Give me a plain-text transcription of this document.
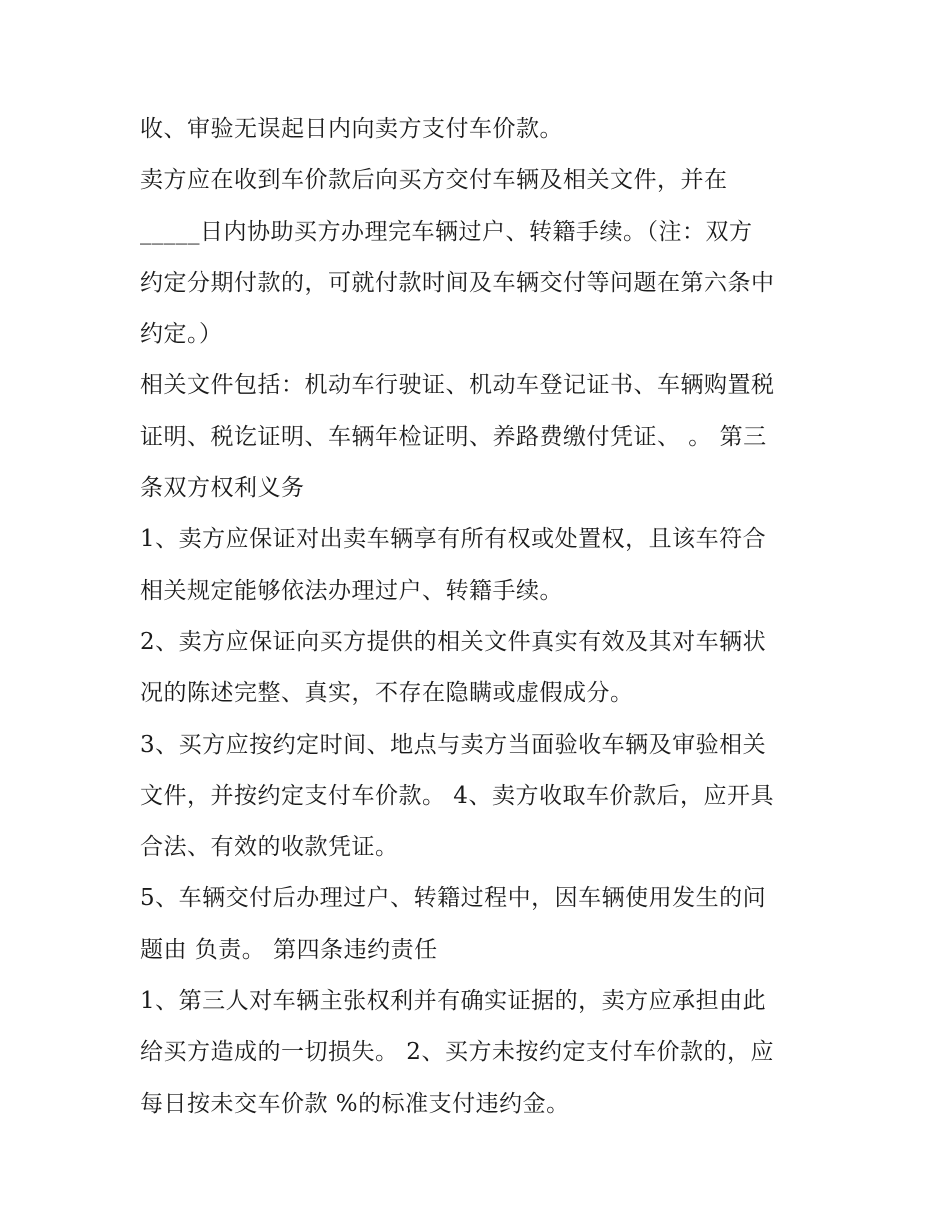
收、审验无误起日内向卖方支付车价款。
卖方应在收到车价款后向买方交付车辆及相关文件，并在
_____日内协助买方办理完车辆过户、转籍手续。（注：双方
约定分期付款的，可就付款时间及车辆交付等问题在第六条中
约定。）
相关文件包括：机动车行驶证、机动车登记证书、车辆购置税
证明、税讫证明、车辆年检证明、养路费缴付凭证、 。 第三
条双方权利义务
1、卖方应保证对出卖车辆享有所有权或处置权，且该车符合
相关规定能够依法办理过户、转籍手续。
2、卖方应保证向买方提供的相关文件真实有效及其对车辆状
况的陈述完整、真实，不存在隐瞒或虚假成分。
3、买方应按约定时间、地点与卖方当面验收车辆及审验相关
文件，并按约定支付车价款。 4、卖方收取车价款后，应开具
合法、有效的收款凭证。
5、车辆交付后办理过户、转籍过程中，因车辆使用发生的问
题由 负责。 第四条违约责任
1、第三人对车辆主张权利并有确实证据的，卖方应承担由此
给买方造成的一切损失。 2、买方未按约定支付车价款的，应
每日按未交车价款 %的标准支付违约金。
